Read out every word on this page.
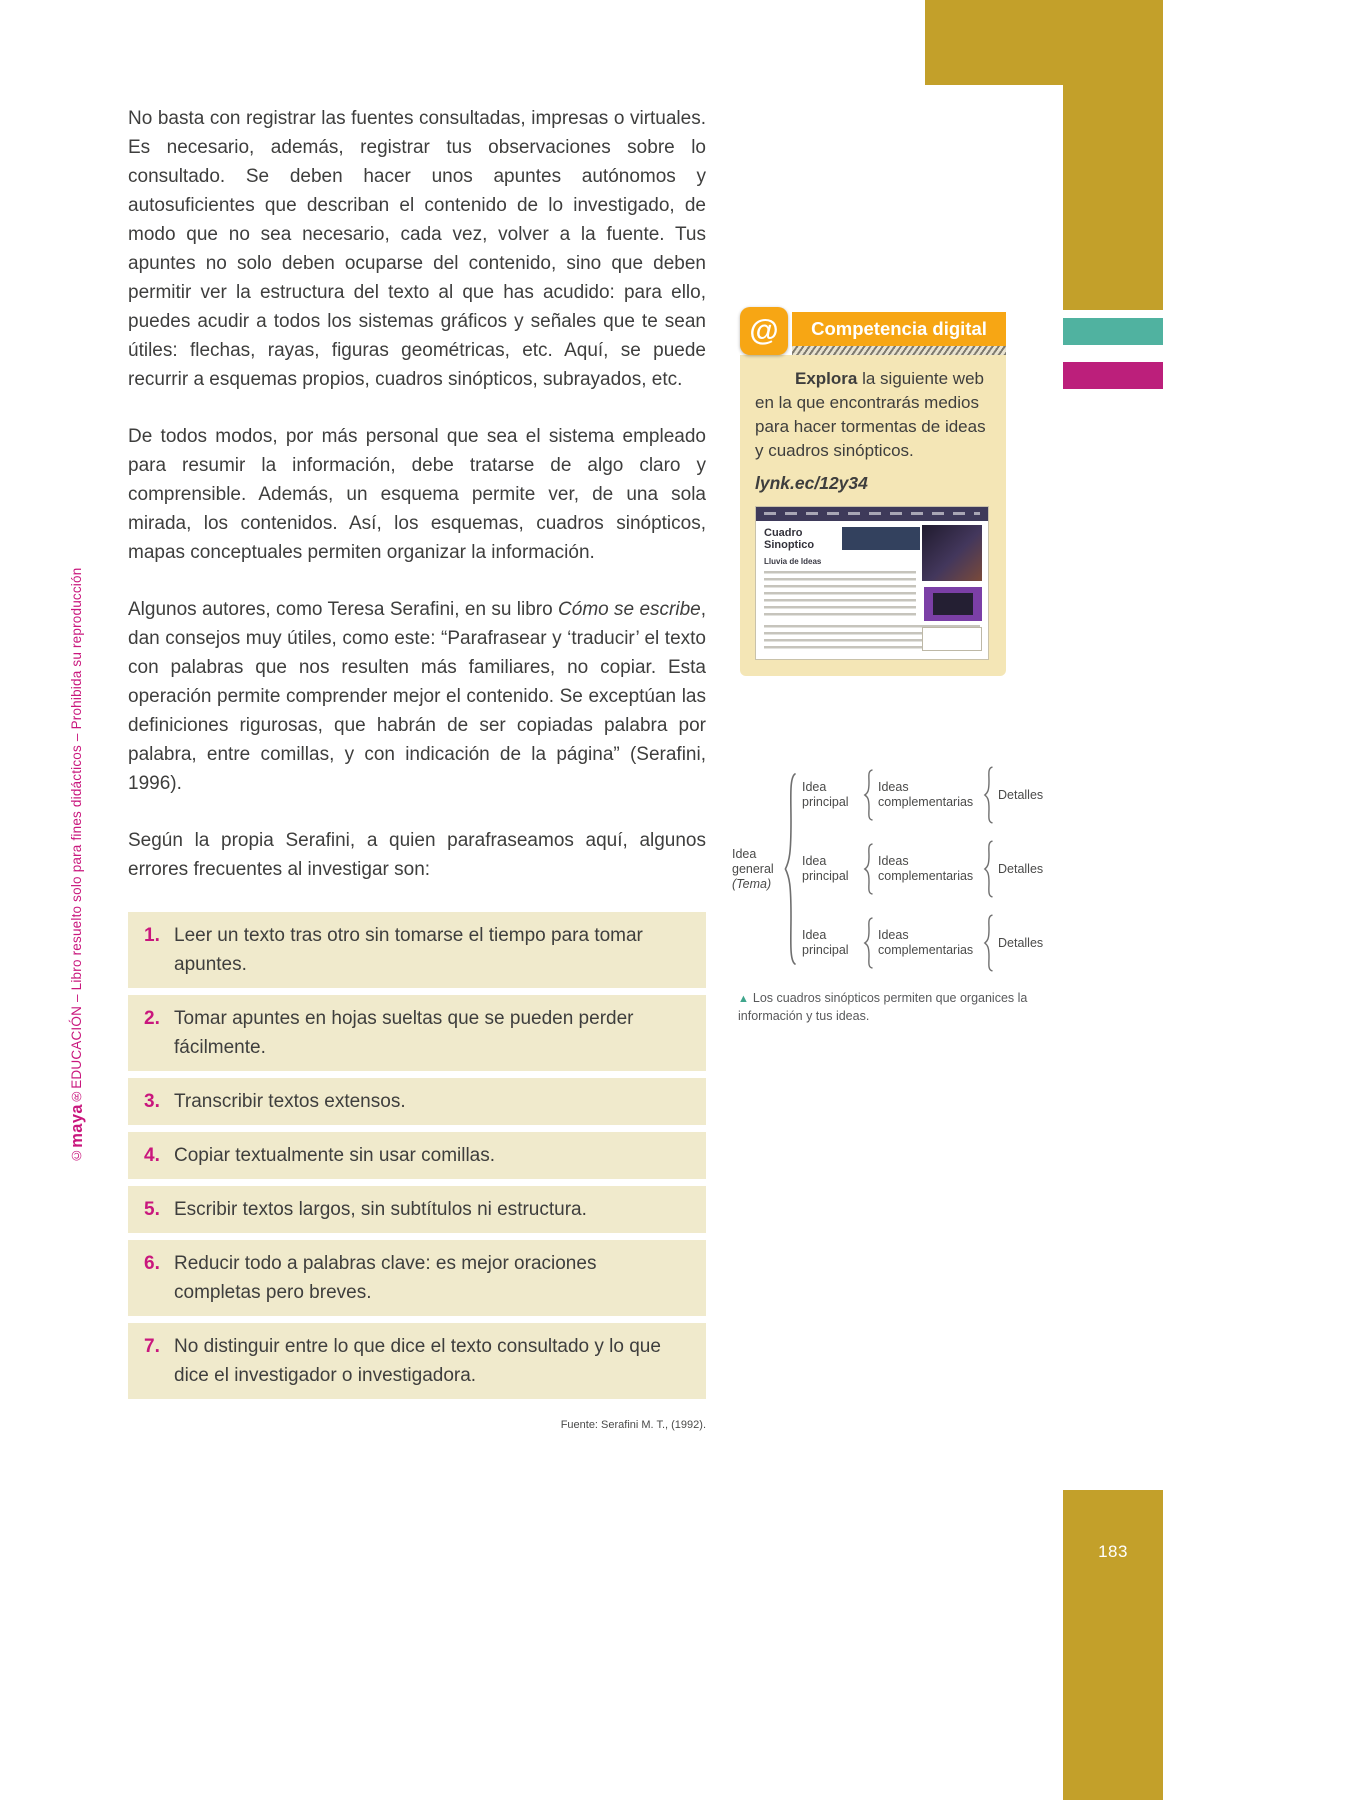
©maya®EDUCACIÓN – Libro resuelto solo para fines didácticos – Prohibida su reproducción

No basta con registrar las fuentes consultadas, impresas o virtuales. Es necesario, además, registrar tus observaciones sobre lo consultado. Se deben hacer unos apuntes autónomos y autosuficientes que describan el contenido de lo investigado, de modo que no sea necesario, cada vez, volver a la fuente. Tus apuntes no solo deben ocuparse del contenido, sino que deben permitir ver la estructura del texto al que has acudido: para ello, puedes acudir a todos los sistemas gráficos y señales que te sean útiles: flechas, rayas, figuras geométricas, etc. Aquí, se puede recurrir a esquemas propios, cuadros sinópticos, subrayados, etc.

De todos modos, por más personal que sea el sistema empleado para resumir la información, debe tratarse de algo claro y comprensible. Además, un esquema permite ver, de una sola mirada, los contenidos. Así, los esquemas, cuadros sinópticos, mapas conceptuales permiten organizar la información.

Algunos autores, como Teresa Serafini, en su libro Cómo se escribe, dan consejos muy útiles, como este: “Parafrasear y ‘traducir’ el texto con palabras que nos resulten más familiares, no copiar. Esta operación permite comprender mejor el contenido. Se exceptúan las definiciones rigurosas, que habrán de ser copiadas palabra por palabra, entre comillas, y con indicación de la página” (Serafini, 1996).

Según la propia Serafini, a quien parafraseamos aquí, algunos errores frecuentes al investigar son:

1. Leer un texto tras otro sin tomarse el tiempo para tomar apuntes.
2. Tomar apuntes en hojas sueltas que se pueden perder fácilmente.
3. Transcribir textos extensos.
4. Copiar textualmente sin usar comillas.
5. Escribir textos largos, sin subtítulos ni estructura.
6. Reducir todo a palabras clave: es mejor oraciones completas pero breves.
7. No distinguir entre lo que dice el texto consultado y lo que dice el investigador o investigadora.
Fuente: Serafini M. T., (1992).
@ Competencia digital

Explora la siguiente web en la que encontrarás medios para hacer tormentas de ideas y cuadros sinópticos.

lynk.ec/12y34
Cuadro Sinoptico
Lluvia de Ideas
Idea general
(Tema)
Idea principal
Ideas complementarias
Detalles
Idea principal
Ideas complementarias
Detalles
Idea principal
Ideas complementarias
Detalles
▲ Los cuadros sinópticos permiten que organices la información y tus ideas.
183
